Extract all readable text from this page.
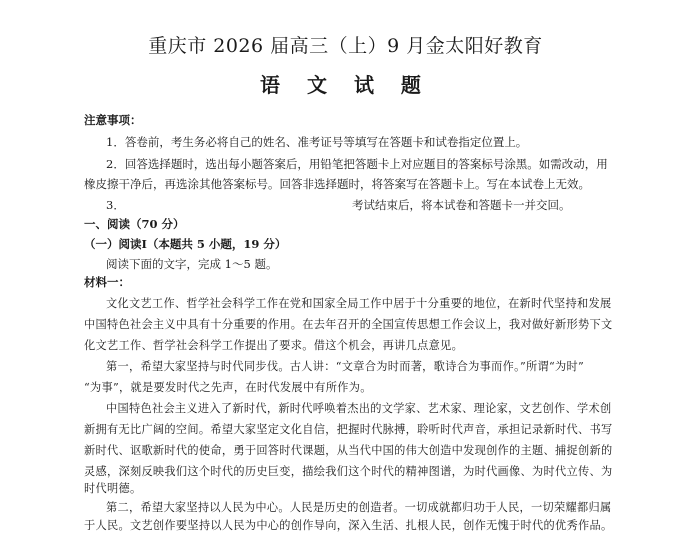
重庆市 2026 届高三（上）9 月金太阳好教育
语 文 试 题
注意事项：
1．答卷前，考生务必将自己的姓名、准考证号等填写在答题卡和试卷指定位置上。
2．回答选择题时，选出每小题答案后，用铅笔把答题卡上对应题目的答案标号涂黑。如需改动，用
橡皮擦干净后，再选涂其他答案标号。回答非选择题时，将答案写在答题卡上。写在本试卷上无效。
3．	考试结束后，将本试卷和答题卡一并交回。
一、阅读（70 分）
（一）阅读Ⅰ（本题共 5 小题，19 分）
阅读下面的文字，完成 1～5 题。
材料一：
文化文艺工作、哲学社会科学工作在党和国家全局工作中居于十分重要的地位，在新时代坚持和发展
中国特色社会主义中具有十分重要的作用。在去年召开的全国宣传思想工作会议上，我对做好新形势下文
化文艺工作、哲学社会科学工作提出了要求。借这个机会，再讲几点意见。
第一，希望大家坚持与时代同步伐。古人讲：“文章合为时而著，歌诗合为事而作。”所谓“为时”
“为事”，就是要发时代之先声，在时代发展中有所作为。
中国特色社会主义进入了新时代，新时代呼唤着杰出的文学家、艺术家、理论家，文艺创作、学术创
新拥有无比广阔的空间。希望大家坚定文化自信，把握时代脉搏，聆听时代声音，承担记录新时代、书写
新时代、讴歌新时代的使命，勇于回答时代课题，从当代中国的伟大创造中发现创作的主题、捕捉创新的
灵感，深刻反映我们这个时代的历史巨变，描绘我们这个时代的精神图谱，为时代画像、为时代立传、为
时代明德。
第二，希望大家坚持以人民为中心。人民是历史的创造者。一切成就都归功于人民，一切荣耀都归属
于人民。文艺创作要坚持以人民为中心的创作导向，深入生活、扎根人民，创作无愧于时代的优秀作品。
